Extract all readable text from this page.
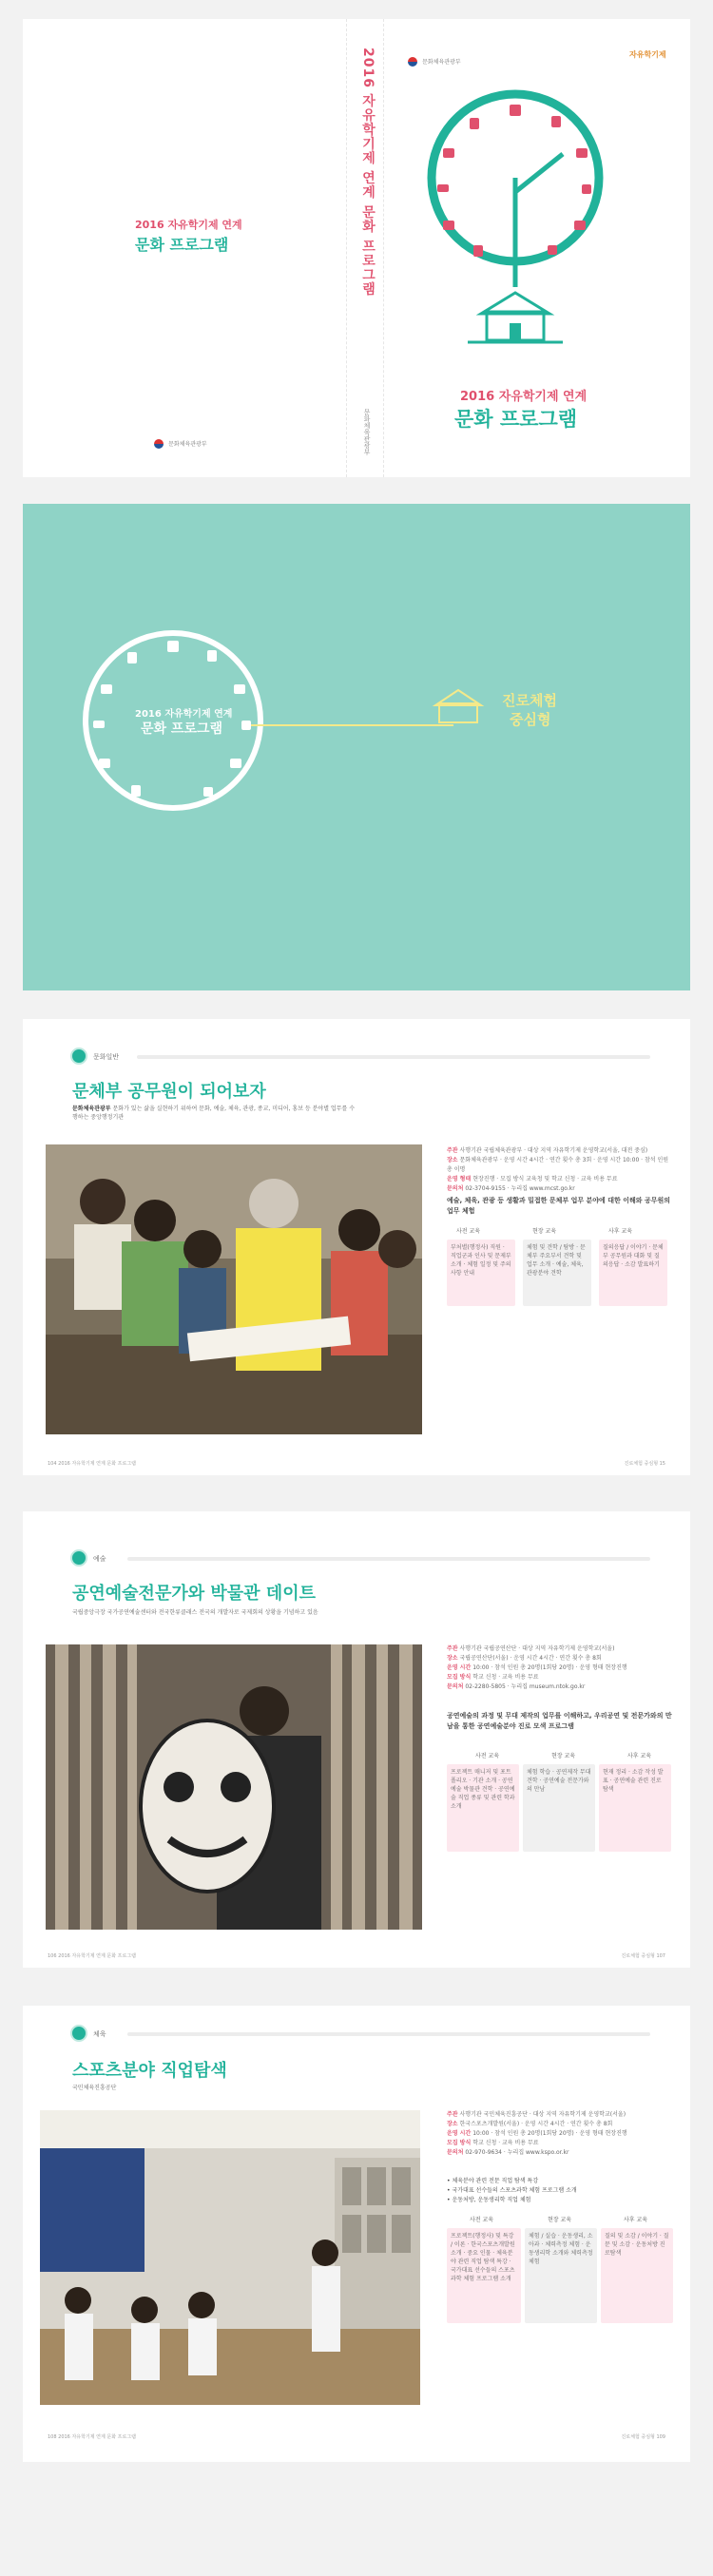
2016 자유학기제 연계
문화 프로그램
문화체육관광부
2016 자유학기제 연계 문화 프로그램
문화체육관광부
문화체육관광부
자유학기제
2016 자유학기제 연계
문화 프로그램
2016 자유학기제 연계
문화 프로그램
진로체험
중심형
문화일반
문체부 공무원이 되어보자
문화체육관광부 문화가 있는 삶을 실현하기 위하여 문화, 예술, 체육, 관광, 종교, 미디어, 홍보 등 분야별 업무를 수행하는 중앙행정기관
주관 사행기관 국립체육관광부 · 대상 지역 자유학기제 운영학교(서울, 대전 중심)
장소 문화체육관광부 · 운영 시간 4시간 · 연간 횟수 총 3회 · 운영 시간 10:00 · 참석 인원 총 이명
운영 형태 현장진행 · 모집 방식 교육청 및 학교 신청 · 교육 비용 무료
문의처 02-3704-9155 · 누리집 www.mcst.go.kr
예술, 체육, 관광 등 생활과 밀접한 문체부 업무 분야에 대한 이해와 공무원의 업무 체험
사전 교육	현장 교육	사후 교육
부처별(행정사) 직원 · 직업군과 인사 및 문제부 소개 · 체험 일정 및 주의사항 안내
체험 및 견학 / 탐방 · 문체부 주요부서 견학 및 업무 소개 · 예술, 체육, 관광분야 견학
질의응답 / 이야기 · 문체부 공무원과 대화 및 질의응답 · 소감 발표하기
104 2016 자유학기제 연계 문화 프로그램	진로체험 중심형 15
예술
공연예술전문가와 박물관 데이트
국립중앙극장 국가공연예술센터와 전국한류클래스 전국의 개발자로 국제회의 상황을 기념하고 있음
주관 사행기관 국립공연산단 · 대상 지역 자유학기제 운영학교(서울)
장소 국립공연산단(서울) · 운영 시간 4시간 · 연간 횟수 총 8회
운영 시간 10:00 · 참석 인원 총 20명(1회당 20명) · 운영 형태 현장진행
모집 방식 학교 신청 · 교육 비용 무료
문의처 02-2280-5805 · 누리집 museum.ntok.go.kr
공연예술의 과정 및 무대 제작의 업무를 이해하고, 우리공연 및 전문가와의 만남을 통한 공연예술분야 진로 모색 프로그램
사전 교육	현장 교육	사후 교육
프로젝트 매니저 및 포트폴리오 · 기관 소개 · 공연예술 박물관 견학 · 공연예술 직업 종류 및 관련 학과 소개
체험 학습 · 공연제작 무대 견학 · 공연예술 전문가와의 만남
현재 정리 · 소감 작성 발표 · 공연예술 관련 진로 탐색
106 2016 자유학기제 연계 문화 프로그램	진로체험 중심형 107
체육
스포츠분야 직업탐색
국민체육진흥공단
주관 사행기관 국민체육진흥공단 · 대상 지역 자유학기제 운영학교(서울)
장소 한국스포츠개발원(서울) · 운영 시간 4시간 · 연간 횟수 총 8회
운영 시간 10:00 · 참석 인원 총 20명(1회당 20명) · 운영 형태 현장진행
모집 방식 학교 신청 · 교육 비용 무료
문의처 02-970-9634 · 누리집 www.kspo.or.kr
• 체육분야 관련 전문 직업 탐색 특강
• 국가대표 선수들의 스포츠과학 체험 프로그램 소개
• 운동처방, 운동생리학 직업 체험
사전 교육	현장 교육	사후 교육
프로젝트(행정사) 및 특강 / 이론 · 한국스포츠개발원 소개 · 중요 인물 · 체육분야 관련 직업 탐색 특강 · 국가대표 선수들의 스포츠과학 체험 프로그램 소개
체험 / 실습 · 운동생리, 소아과 · 체력측정 체험 · 운동생리학 소개와 체력측정 체험
질의 및 소감 / 이야기 · 질문 및 소감 · 운동처방 진로탐색
108 2016 자유학기제 연계 문화 프로그램	진로체험 중심형 109
